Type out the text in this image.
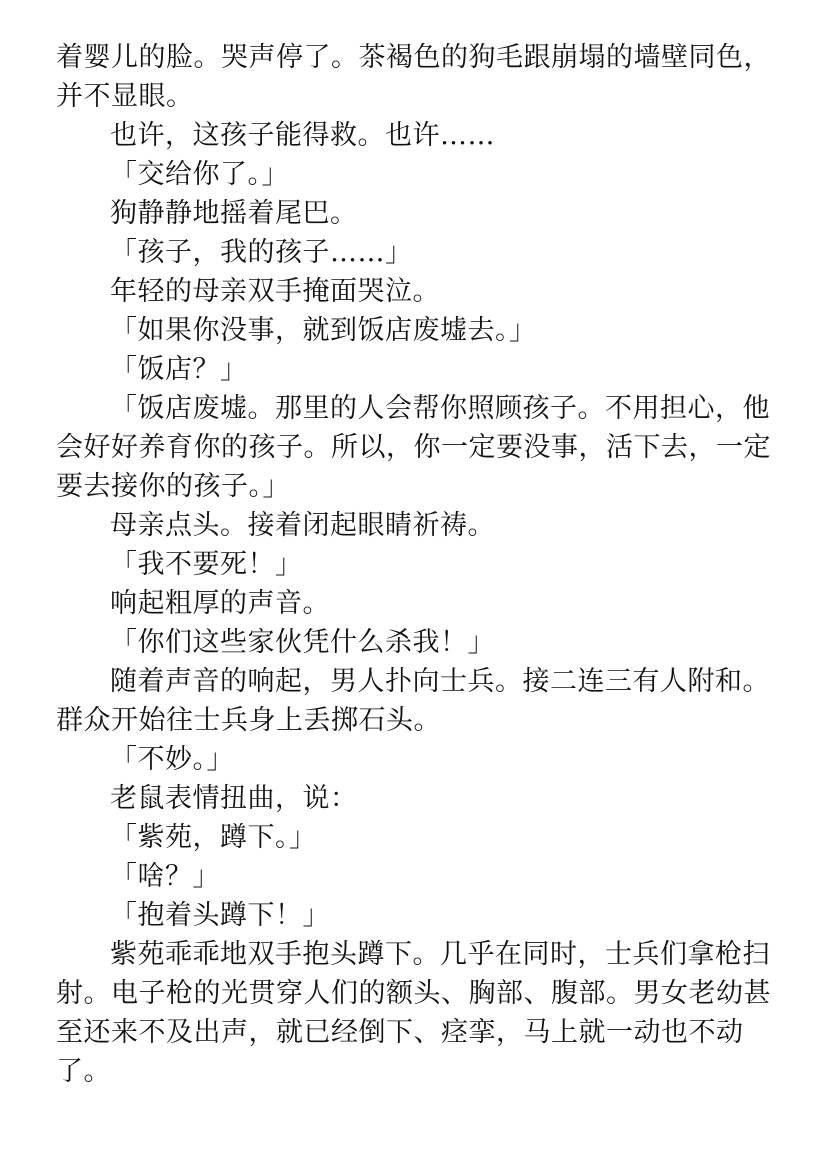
着婴儿的脸。哭声停了。茶褐色的狗毛跟崩塌的墙壁同色，
并不显眼。

也许，这孩子能得救。也许……

「交给你了。」

狗静静地摇着尾巴。

「孩子，我的孩子……」

年轻的母亲双手掩面哭泣。

「如果你没事，就到饭店废墟去。」

「饭店？」

「饭店废墟。那里的人会帮你照顾孩子。不用担心，他
会好好养育你的孩子。所以，你一定要没事，活下去，一定
要去接你的孩子。」

母亲点头。接着闭起眼睛祈祷。

「我不要死！」

响起粗厚的声音。

「你们这些家伙凭什么杀我！」

随着声音的响起，男人扑向士兵。接二连三有人附和。
群众开始往士兵身上丢掷石头。

「不妙。」

老鼠表情扭曲，说：

「紫苑，蹲下。」

「啥？」

「抱着头蹲下！」

紫苑乖乖地双手抱头蹲下。几乎在同时，士兵们拿枪扫
射。电子枪的光贯穿人们的额头、胸部、腹部。男女老幼甚
至还来不及出声，就已经倒下、痉挛，马上就一动也不动
了。
